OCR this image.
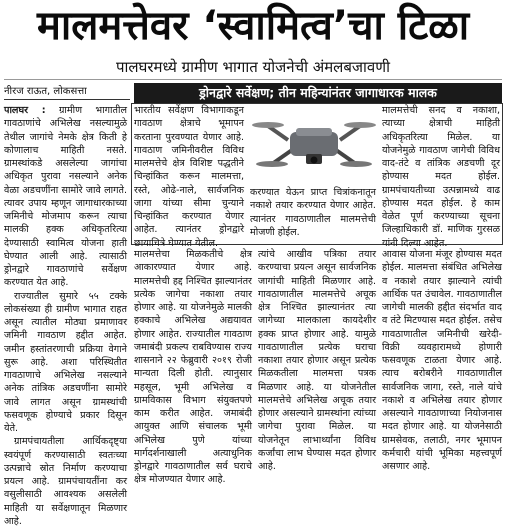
मालमत्तेवर ‘स्वामित्व’चा टिळा
पालघरमध्ये ग्रामीण भागात योजनेची अंमलबजावणी
नीरज राऊत, लोकसत्ता	ड्रोनद्वारे सर्वेक्षण; तीन महिन्यांनंतर जागाधारक मालक

पालघर : ग्रामीण भागातील गावठाणांचे अभिलेख नसल्यामुळे तेथील जागांचे नेमके क्षेत्र किती हे कोणालाच माहिती नसते. ग्रामस्थांकडे असलेल्या जागांचा अधिकृत पुरावा नसल्याने अनेक वेळा अडचणींना सामोरे जावे लागते. त्यावर उपाय म्हणून जागाधारकाच्या जमिनीचे मोजमाप करून त्याचा मालकी हक्क अधिकृतरित्या देण्यासाठी स्वामित्व योजना हाती घेण्यात आली आहे. त्यासाठी ड्रोनद्वारे गावठाणांचे सर्वेक्षण करण्यात येत आहे.

राज्यातील सुमारे ५५ टक्के लोकसंख्या ही ग्रामीण भागात राहत असून त्यातील मोठ्या प्रमाणावर जमिनी गावठाण हद्दीत आहेत. जमीन हस्तांतरणाची प्रक्रिया वेगाने सुरू आहे. अशा परिस्थितीत गावठाणाचे अभिलेख नसल्याने अनेक तांत्रिक अडचणींना सामोरे जावे लागत असून ग्रामस्थांची फसवणूक होण्याचे प्रकार दिसून येते.

ग्रामपंचायतीला आर्थिकदृष्ट्या स्वयंपूर्ण करण्यासाठी स्वतःच्या उत्पन्नाचे स्रोत निर्माण करण्याचा प्रयत्न आहे. ग्रामपंचायतींना कर वसुलीसाठी आवश्यक असलेली माहिती या सर्वेक्षणातून मिळणार आहे.

भारतीय सर्वेक्षण विभागाकडून गावठाण क्षेत्राचे भूमापन करताना पुरवण्यात येणार आहे. गावठाण जमिनीवरील विविध मालमत्तेचे क्षेत्र विशिष्ट पद्धतीने चिन्हांकित करून मालमत्ता, रस्ते, ओढे-नाले, सार्वजनिक जागा यांच्या सीमा चुन्याने चिन्हांकित करण्यात येणार आहेत. त्यानंतर ड्रोनद्वारे छायाचित्रे घेण्यात येतील.
करण्यात येऊन प्राप्त चित्रांकनातून नकाशे तयार करण्यात येणार आहेत. त्यानंतर गावठाणातील मालमत्तेची मोजणी होईल.
मालमत्तेची सनद व नकाशा, त्याच्या क्षेत्राची माहिती अधिकृतरित्या मिळेल. या योजनेमुळे गावठाण जागेची विविध वाद-तंटे व तांत्रिक अडचणी दूर होण्यास मदत होईल. ग्रामपंचायतीच्या उत्पन्नामध्ये वाढ होण्यास मदत होईल. हे काम वेळेत पूर्ण करण्याच्या सूचना जिल्हाधिकारी डॉ. माणिक गुरसळ यांनी दिल्या आहेत.

मालमत्तेचा मिळकतीचे क्षेत्र आकारण्यात येणार आहे. मालमत्तेची हद्द निश्चित झाल्यानंतर प्रत्येक जागेचा नकाशा तयार होणार आहे. या योजनेमुळे मालकी हक्काचे अभिलेख अद्ययावत होणार आहेत. राज्यातील गावठाण जमाबंदी प्रकल्प राबविण्यास राज्य शासनाने २२ फेब्रुवारी २०१९ रोजी मान्यता दिली होती. त्यानुसार महसूल, भूमी अभिलेख व ग्रामविकास विभाग संयुक्तपणे काम करीत आहेत. जमाबंदी आयुक्त आणि संचालक भूमी अभिलेख पुणे यांच्या मार्गदर्शनाखाली अत्याधुनिक ड्रोनद्वारे गावठाणातील सर्व घराचे क्षेत्र मोजण्यात येणार आहे.

त्यांचे आखीव पत्रिका तयार करण्याचा प्रयत्न असून सार्वजनिक जागांची माहिती मिळणार आहे. गावठाणातील मालमत्तेचे अचूक क्षेत्र निश्चित झाल्यानंतर त्या जागेच्या मालकाला कायदेशीर हक्क प्राप्त होणार आहे. यामुळे गावठाणातील प्रत्येक घराचा नकाशा तयार होणार असून प्रत्येक मिळकतीला मालमत्ता पत्रक मिळणार आहे. या योजनेतील मालमत्तेचे अभिलेख अचूक तयार होणार असल्याने ग्रामस्थांना त्यांच्या जागेचा पुरावा मिळेल. या योजनेतून लाभार्थ्यांना विविध कर्जांचा लाभ घेण्यास मदत होणार आहे.

आवास योजना मंजूर होण्यास मदत होईल. मालमत्ता संबंधित अभिलेख व नकाशे तयार झाल्याने त्यांची आर्थिक पत उंचावेल. गावठाणातील जागेची मालकी हद्दीत संदर्भात वाद व तंटे मिटण्यास मदत होईल. तसेच गावठाणातील जमिनीची खरेदी-विक्री व्यवहारामध्ये होणारी फसवणूक टाळता येणार आहे. त्याच बरोबरीने गावठाणातील सार्वजनिक जागा, रस्ते, नाले यांचे नकाशे व अभिलेख तयार होणार असल्याने गावठाणाच्या नियोजनास मदत होणार आहे. या योजनेसाठी ग्रामसेवक, तलाठी, नगर भूमापन कर्मचारी यांची भूमिका महत्त्वपूर्ण असणार आहे.
